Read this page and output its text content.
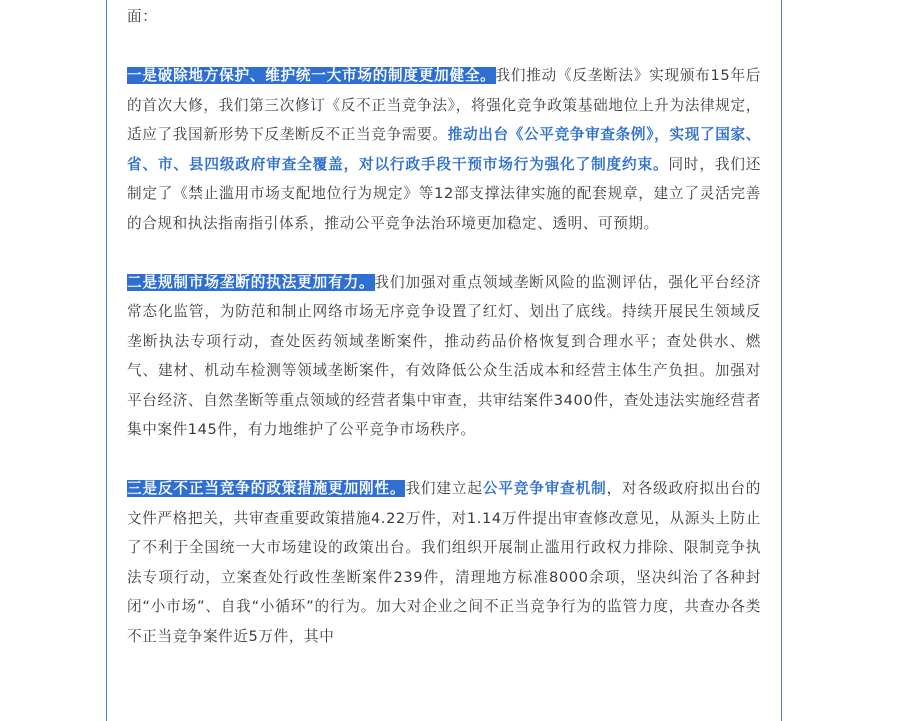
面：

一是破除地方保护、维护统一大市场的制度更加健全。我们推动《反垄断法》实现颁布15年后的首次大修，我们第三次修订《反不正当竞争法》，将强化竞争政策基础地位上升为法律规定，适应了我国新形势下反垄断反不正当竞争需要。推动出台《公平竞争审查条例》，实现了国家、省、市、县四级政府审查全覆盖，对以行政手段干预市场行为强化了制度约束。同时，我们还制定了《禁止滥用市场支配地位行为规定》等12部支撑法律实施的配套规章，建立了灵活完善的合规和执法指南指引体系，推动公平竞争法治环境更加稳定、透明、可预期。

二是规制市场垄断的执法更加有力。我们加强对重点领域垄断风险的监测评估，强化平台经济常态化监管，为防范和制止网络市场无序竞争设置了红灯、划出了底线。持续开展民生领域反垄断执法专项行动，查处医药领域垄断案件，推动药品价格恢复到合理水平；查处供水、燃气、建材、机动车检测等领域垄断案件，有效降低公众生活成本和经营主体生产负担。加强对平台经济、自然垄断等重点领域的经营者集中审查，共审结案件3400件，查处违法实施经营者集中案件145件，有力地维护了公平竞争市场秩序。

三是反不正当竞争的政策措施更加刚性。我们建立起公平竞争审查机制，对各级政府拟出台的文件严格把关，共审查重要政策措施4.22万件，对1.14万件提出审查修改意见，从源头上防止了不利于全国统一大市场建设的政策出台。我们组织开展制止滥用行政权力排除、限制竞争执法专项行动，立案查处行政性垄断案件239件，清理地方标准8000余项，坚决纠治了各种封闭“小市场”、自我“小循环”的行为。加大对企业之间不正当竞争行为的监管力度，共查办各类不正当竞争案件近5万件，其中
